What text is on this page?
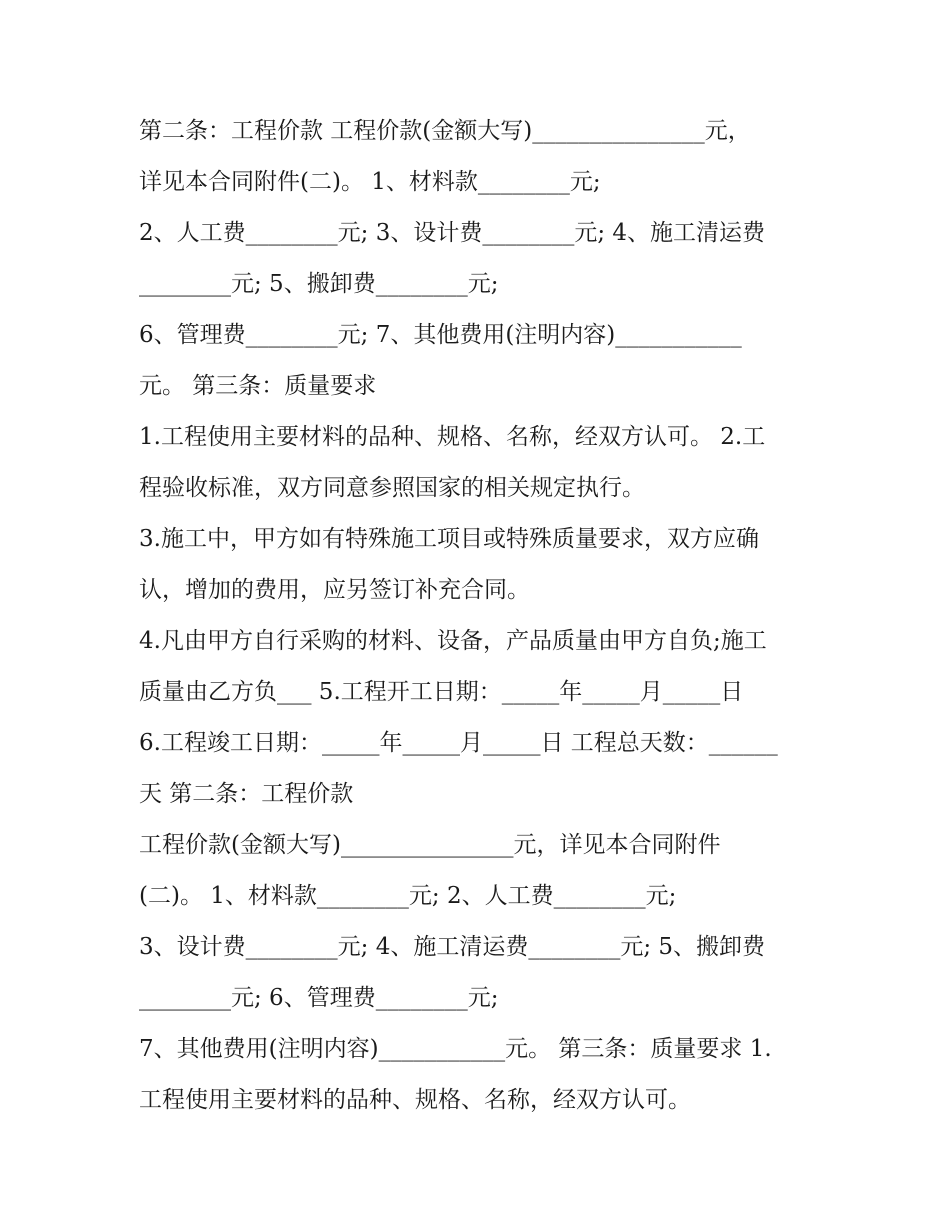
第二条：工程价款 工程价款(金额大写)_______________元，
详见本合同附件(二)。 1、材料款________元;
2、人工费________元; 3、设计费________元; 4、施工清运费
________元; 5、搬卸费________元;
6、管理费________元; 7、其他费用(注明内容)___________
元。 第三条：质量要求
1.工程使用主要材料的品种、规格、名称，经双方认可。 2.工
程验收标准，双方同意参照国家的相关规定执行。
3.施工中，甲方如有特殊施工项目或特殊质量要求，双方应确
认，增加的费用，应另签订补充合同。
4.凡由甲方自行采购的材料、设备，产品质量由甲方自负;施工
质量由乙方负___ 5.工程开工日期：_____年_____月_____日
6.工程竣工日期：_____年_____月_____日 工程总天数：______
天 第二条：工程价款
工程价款(金额大写)_______________元，详见本合同附件
(二)。 1、材料款________元; 2、人工费________元;
3、设计费________元; 4、施工清运费________元; 5、搬卸费
________元; 6、管理费________元;
7、其他费用(注明内容)___________元。 第三条：质量要求 1.
工程使用主要材料的品种、规格、名称，经双方认可。
